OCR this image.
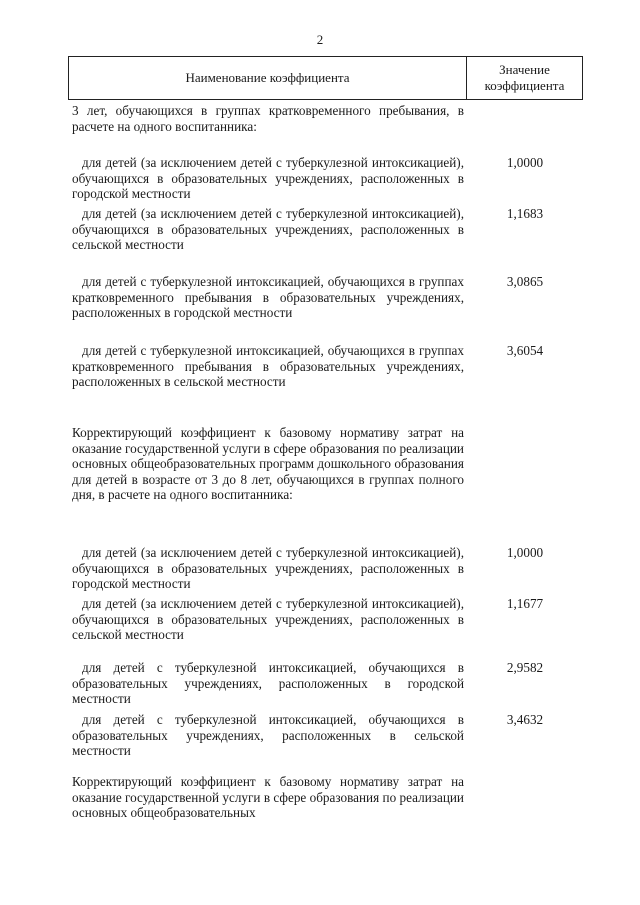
2
Наименование коэффициента
Значение
коэффициента
3 лет, обучающихся в группах кратковременного пребывания, в расчете на одного воспитанника:
для детей (за исключением детей с туберкулезной интоксикацией), обучающихся в образовательных учреждениях, расположенных в городской местности
1,0000
для детей (за исключением детей с туберкулезной интоксикацией), обучающихся в образовательных учреждениях, расположенных в сельской местности
1,1683
для детей с туберкулезной интоксикацией, обучающихся в группах кратковременного пребывания в образовательных учреждениях, расположенных в городской местности
3,0865
для детей с туберкулезной интоксикацией, обучающихся в группах кратковременного пребывания в образовательных учреждениях, расположенных в сельской местности
3,6054
Корректирующий коэффициент к базовому нормативу затрат на оказание государственной услуги в сфере образования по реализации основных общеобразовательных программ дошкольного образования для детей в возрасте от 3 до 8 лет, обучающихся в группах полного дня, в расчете на одного воспитанника:
для детей (за исключением детей с туберкулезной интоксикацией), обучающихся в образовательных учреждениях, расположенных в городской местности
1,0000
для детей (за исключением детей с туберкулезной интоксикацией), обучающихся в образовательных учреждениях, расположенных в сельской местности
1,1677
для детей с туберкулезной интоксикацией, обучающихся в образовательных учреждениях, расположенных в городской местности
2,9582
для детей с туберкулезной интоксикацией, обучающихся в образовательных учреждениях, расположенных в сельской местности
3,4632
Корректирующий коэффициент к базовому нормативу затрат на оказание государственной услуги в сфере образования по реализации основных общеобразовательных
